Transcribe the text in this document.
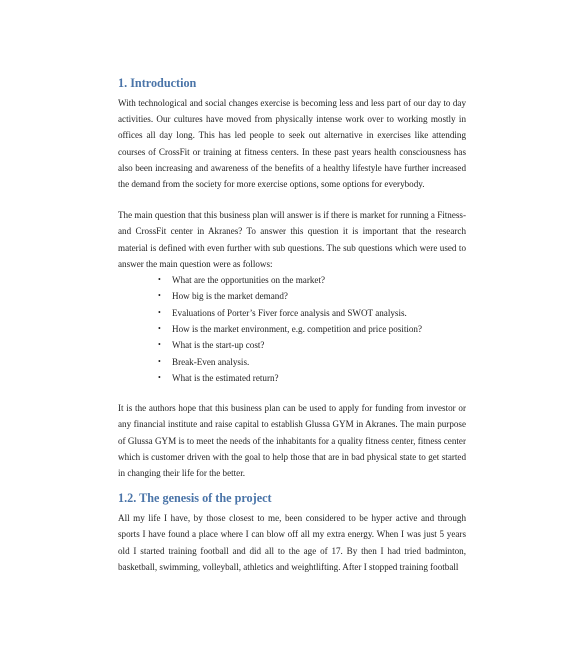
1. Introduction

With technological and social changes exercise is becoming less and less part of our day to day activities. Our cultures have moved from physically intense work over to working mostly in offices all day long. This has led people to seek out alternative in exercises like attending courses of CrossFit or training at fitness centers. In these past years health consciousness has also been increasing and awareness of the benefits of a healthy lifestyle have further increased the demand from the society for more exercise options, some options for everybody.

The main question that this business plan will answer is if there is market for running a Fitness- and CrossFit center in Akranes? To answer this question it is important that the research material is defined with even further with sub questions. The sub questions which were used to answer the main question were as follows:

• What are the opportunities on the market?
• How big is the market demand?
• Evaluations of Porter’s Fiver force analysis and SWOT analysis.
• How is the market environment, e.g. competition and price position?
• What is the start-up cost?
• Break-Even analysis.
• What is the estimated return?

It is the authors hope that this business plan can be used to apply for funding from investor or any financial institute and raise capital to establish Glussa GYM in Akranes. The main purpose of Glussa GYM is to meet the needs of the inhabitants for a quality fitness center, fitness center which is customer driven with the goal to help those that are in bad physical state to get started in changing their life for the better.

1.2. The genesis of the project

All my life I have, by those closest to me, been considered to be hyper active and through sports I have found a place where I can blow off all my extra energy. When I was just 5 years old I started training football and did all to the age of 17. By then I had tried badminton, basketball, swimming, volleyball, athletics and weightlifting. After I stopped training football
